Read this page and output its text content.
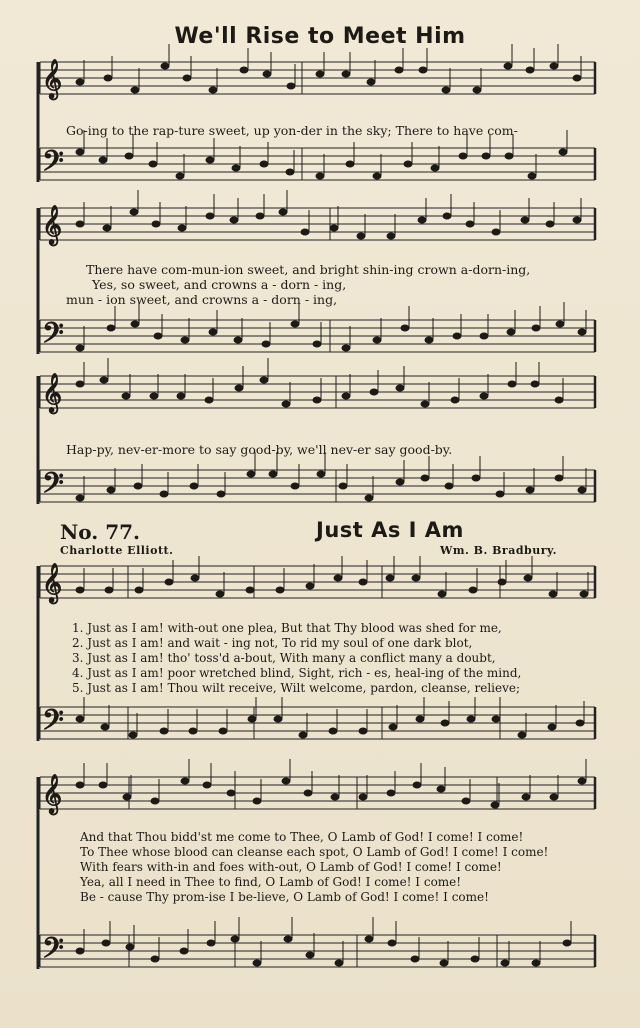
We'll Rise to Meet Him
𝄞
𝄢
𝄞
𝄢
𝄞
𝄢
𝄞
𝄢
𝄞
𝄢
Go-ing to the rap-ture sweet, up yon-der in the sky; There to have com-
There have com-mun-ion sweet, and bright shin-ing crown a-dorn-ing,
Yes, so sweet, and crowns a - dorn - ing,
mun - ion sweet, and crowns a - dorn - ing,
Hap-py, nev-er-more to say good-by, we'll nev-er say good-by.
No. 77.	Just As I Am
Charlotte Elliott.	Wm. B. Bradbury.
1. Just as I am! with-out one plea, But that Thy blood was shed for me,
2. Just as I am! and wait - ing not, To rid my soul of one dark blot,
3. Just as I am! tho' toss'd a-bout, With many a conflict many a doubt,
4. Just as I am! poor wretched blind, Sight, rich - es, heal-ing of the mind,
5. Just as I am! Thou wilt receive, Wilt welcome, pardon, cleanse, relieve;
And that Thou bidd'st me come to Thee, O Lamb of God! I come! I come!
To Thee whose blood can cleanse each spot, O Lamb of God! I come! I come!
With fears with-in and foes with-out, O Lamb of God! I come! I come!
Yea, all I need in Thee to find, O Lamb of God! I come! I come!
Be - cause Thy prom-ise I be-lieve, O Lamb of God! I come! I come!
